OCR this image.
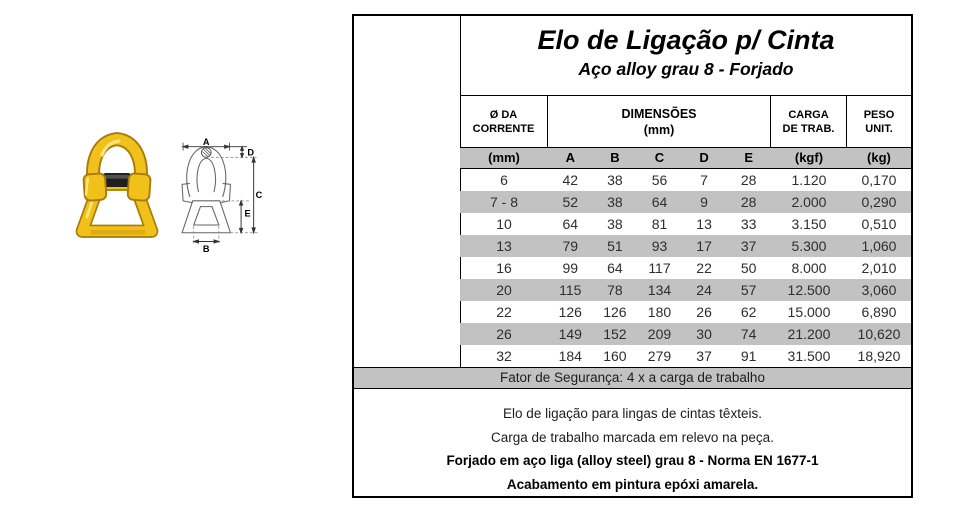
A
D
C
E
B
Elo de Ligação p/ Cinta
Aço alloy grau 8 - Forjado
Ø DA
CORRENTE
DIMENSÕES
(mm)
CARGA
DE TRAB.
PESO
UNIT.
(mm)	A	B	C	D	E	(kgf)	(kg)
6	42	38	56	7	28	1.120	0,170
7 - 8	52	38	64	9	28	2.000	0,290
10	64	38	81	13	33	3.150	0,510
13	79	51	93	17	37	5.300	1,060
16	99	64	117	22	50	8.000	2,010
20	115	78	134	24	57	12.500	3,060
22	126	126	180	26	62	15.000	6,890
26	149	152	209	30	74	21.200	10,620
32	184	160	279	37	91	31.500	18,920
Fator de Segurança: 4 x a carga de trabalho
Elo de ligação para lingas de cintas têxteis.
Carga de trabalho marcada em relevo na peça.
Forjado em aço liga (alloy steel) grau 8 - Norma EN 1677-1
Acabamento em pintura epóxi amarela.
